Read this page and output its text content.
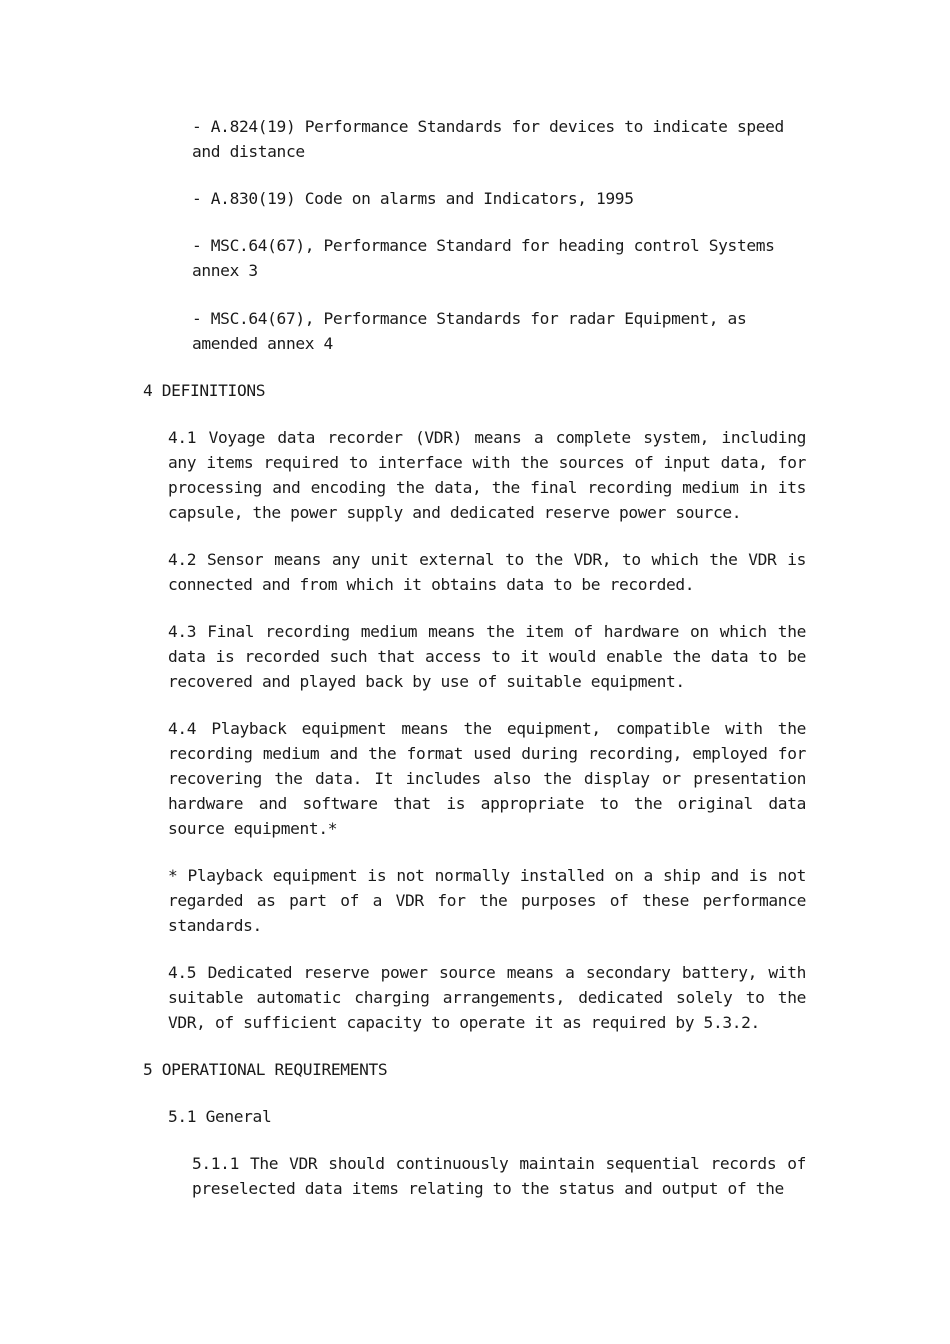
- A.824(19) Performance Standards for devices to indicate speed and distance

- A.830(19) Code on alarms and Indicators, 1995

- MSC.64(67), Performance Standard for heading control Systems annex 3

- MSC.64(67), Performance Standards for radar Equipment, as amended annex 4

4 DEFINITIONS

4.1 Voyage data recorder (VDR) means a complete system, including any items required to interface with the sources of input data, for processing and encoding the data, the final recording medium in its capsule, the power supply and dedicated reserve power source.

4.2 Sensor means any unit external to the VDR, to which the VDR is connected and from which it obtains data to be recorded.

4.3 Final recording medium means the item of hardware on which the data is recorded such that access to it would enable the data to be recovered and played back by use of suitable equipment.

4.4 Playback equipment means the equipment, compatible with the recording medium and the format used during recording, employed for recovering the data. It includes also the display or presentation hardware and software that is appropriate to the original data source equipment.*

* Playback equipment is not normally installed on a ship and is not regarded as part of a VDR for the purposes of these performance standards.

4.5 Dedicated reserve power source means a secondary battery, with suitable automatic charging arrangements, dedicated solely to the VDR, of sufficient capacity to operate it as required by 5.3.2.

5 OPERATIONAL REQUIREMENTS

5.1 General

5.1.1 The VDR should continuously maintain sequential records of preselected data items relating to the status and output of the
